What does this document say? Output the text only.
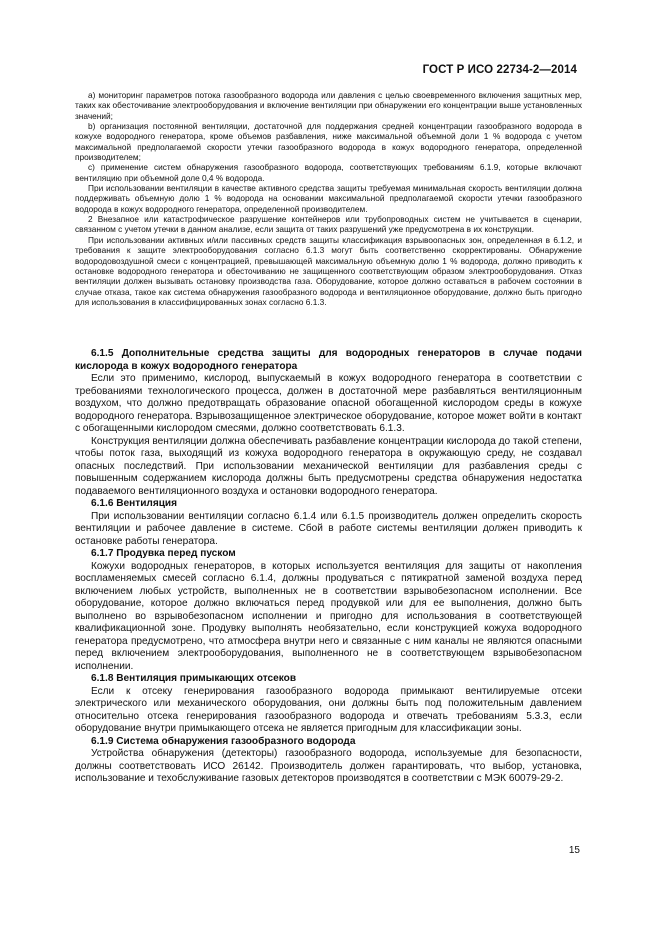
ГОСТ Р ИСО 22734-2—2014

а) мониторинг параметров потока газообразного водорода или давления с целью своевременного включения защитных мер, таких как обесточивание электрооборудования и включение вентиляции при обнаружении его концентрации выше установленных значений;

b) организация постоянной вентиляции, достаточной для поддержания средней концентрации газообразного водорода в кожухе водородного генератора, кроме объемов разбавления, ниже максимальной объемной доли 1 % водорода с учетом максимальной предполагаемой скорости утечки газообразного водорода в кожух водородного генератора, определенной производителем;

c) применение систем обнаружения газообразного водорода, соответствующих требованиям 6.1.9, которые включают вентиляцию при объемной доле 0,4 % водорода.

При использовании вентиляции в качестве активного средства защиты требуемая минимальная скорость вентиляции должна поддерживать объемную долю 1 % водорода на основании максимальной предполагаемой скорости утечки газообразного водорода в кожух водородного генератора, определенной производителем.

2 Внезапное или катастрофическое разрушение контейнеров или трубопроводных систем не учитывается в сценарии, связанном с учетом утечки в данном анализе, если защита от таких разрушений уже предусмотрена в их конструкции.

При использовании активных и/или пассивных средств защиты классификация взрывоопасных зон, определенная в 6.1.2, и требования к защите электрооборудования согласно 6.1.3 могут быть соответственно скорректированы. Обнаружение водородовоздушной смеси с концентрацией, превышающей максимальную объемную долю 1 % водорода, должно приводить к остановке водородного генератора и обесточиванию не защищенного соответствующим образом электрооборудования. Отказ вентиляции должен вызывать остановку производства газа. Оборудование, которое должно оставаться в рабочем состоянии в случае отказа, такое как система обнаружения газообразного водорода и вентиляционное оборудование, должно быть пригодно для использования в классифицированных зонах согласно 6.1.3.

6.1.5 Дополнительные средства защиты для водородных генераторов в случае подачи кислорода в кожух водородного генератора

Если это применимо, кислород, выпускаемый в кожух водородного генератора в соответствии с требованиями технологического процесса, должен в достаточной мере разбавляться вентиляционным воздухом, что должно предотвращать образование опасной обогащенной кислородом среды в кожухе водородного генератора. Взрывозащищенное электрическое оборудование, которое может войти в контакт с обогащенными кислородом смесями, должно соответствовать 6.1.3.

Конструкция вентиляции должна обеспечивать разбавление концентрации кислорода до такой степени, чтобы поток газа, выходящий из кожуха водородного генератора в окружающую среду, не создавал опасных последствий. При использовании механической вентиляции для разбавления среды с повышенным содержанием кислорода должны быть предусмотрены средства обнаружения недостатка подаваемого вентиляционного воздуха и остановки водородного генератора.

6.1.6 Вентиляция

При использовании вентиляции согласно 6.1.4 или 6.1.5 производитель должен определить скорость вентиляции и рабочее давление в системе. Сбой в работе системы вентиляции должен приводить к остановке работы генератора.

6.1.7 Продувка перед пуском

Кожухи водородных генераторов, в которых используется вентиляция для защиты от накопления воспламеняемых смесей согласно 6.1.4, должны продуваться с пятикратной заменой воздуха перед включением любых устройств, выполненных не в соответствии взрывобезопасном исполнении. Все оборудование, которое должно включаться перед продувкой или для ее выполнения, должно быть выполнено во взрывобезопасном исполнении и пригодно для использования в соответствующей квалификационной зоне. Продувку выполнять необязательно, если конструкцией кожуха водородного генератора предусмотрено, что атмосфера внутри него и связанные с ним каналы не являются опасными перед включением электрооборудования, выполненного не в соответствующем взрывобезопасном исполнении.

6.1.8 Вентиляция примыкающих отсеков

Если к отсеку генерирования газообразного водорода примыкают вентилируемые отсеки электрического или механического оборудования, они должны быть под положительным давлением относительно отсека генерирования газообразного водорода и отвечать требованиям 5.3.3, если оборудование внутри примыкающего отсека не является пригодным для классификации зоны.

6.1.9 Система обнаружения газообразного водорода

Устройства обнаружения (детекторы) газообразного водорода, используемые для безопасности, должны соответствовать ИСО 26142. Производитель должен гарантировать, что выбор, установка, использование и техобслуживание газовых детекторов производятся в соответствии с МЭК 60079-29-2.

15
